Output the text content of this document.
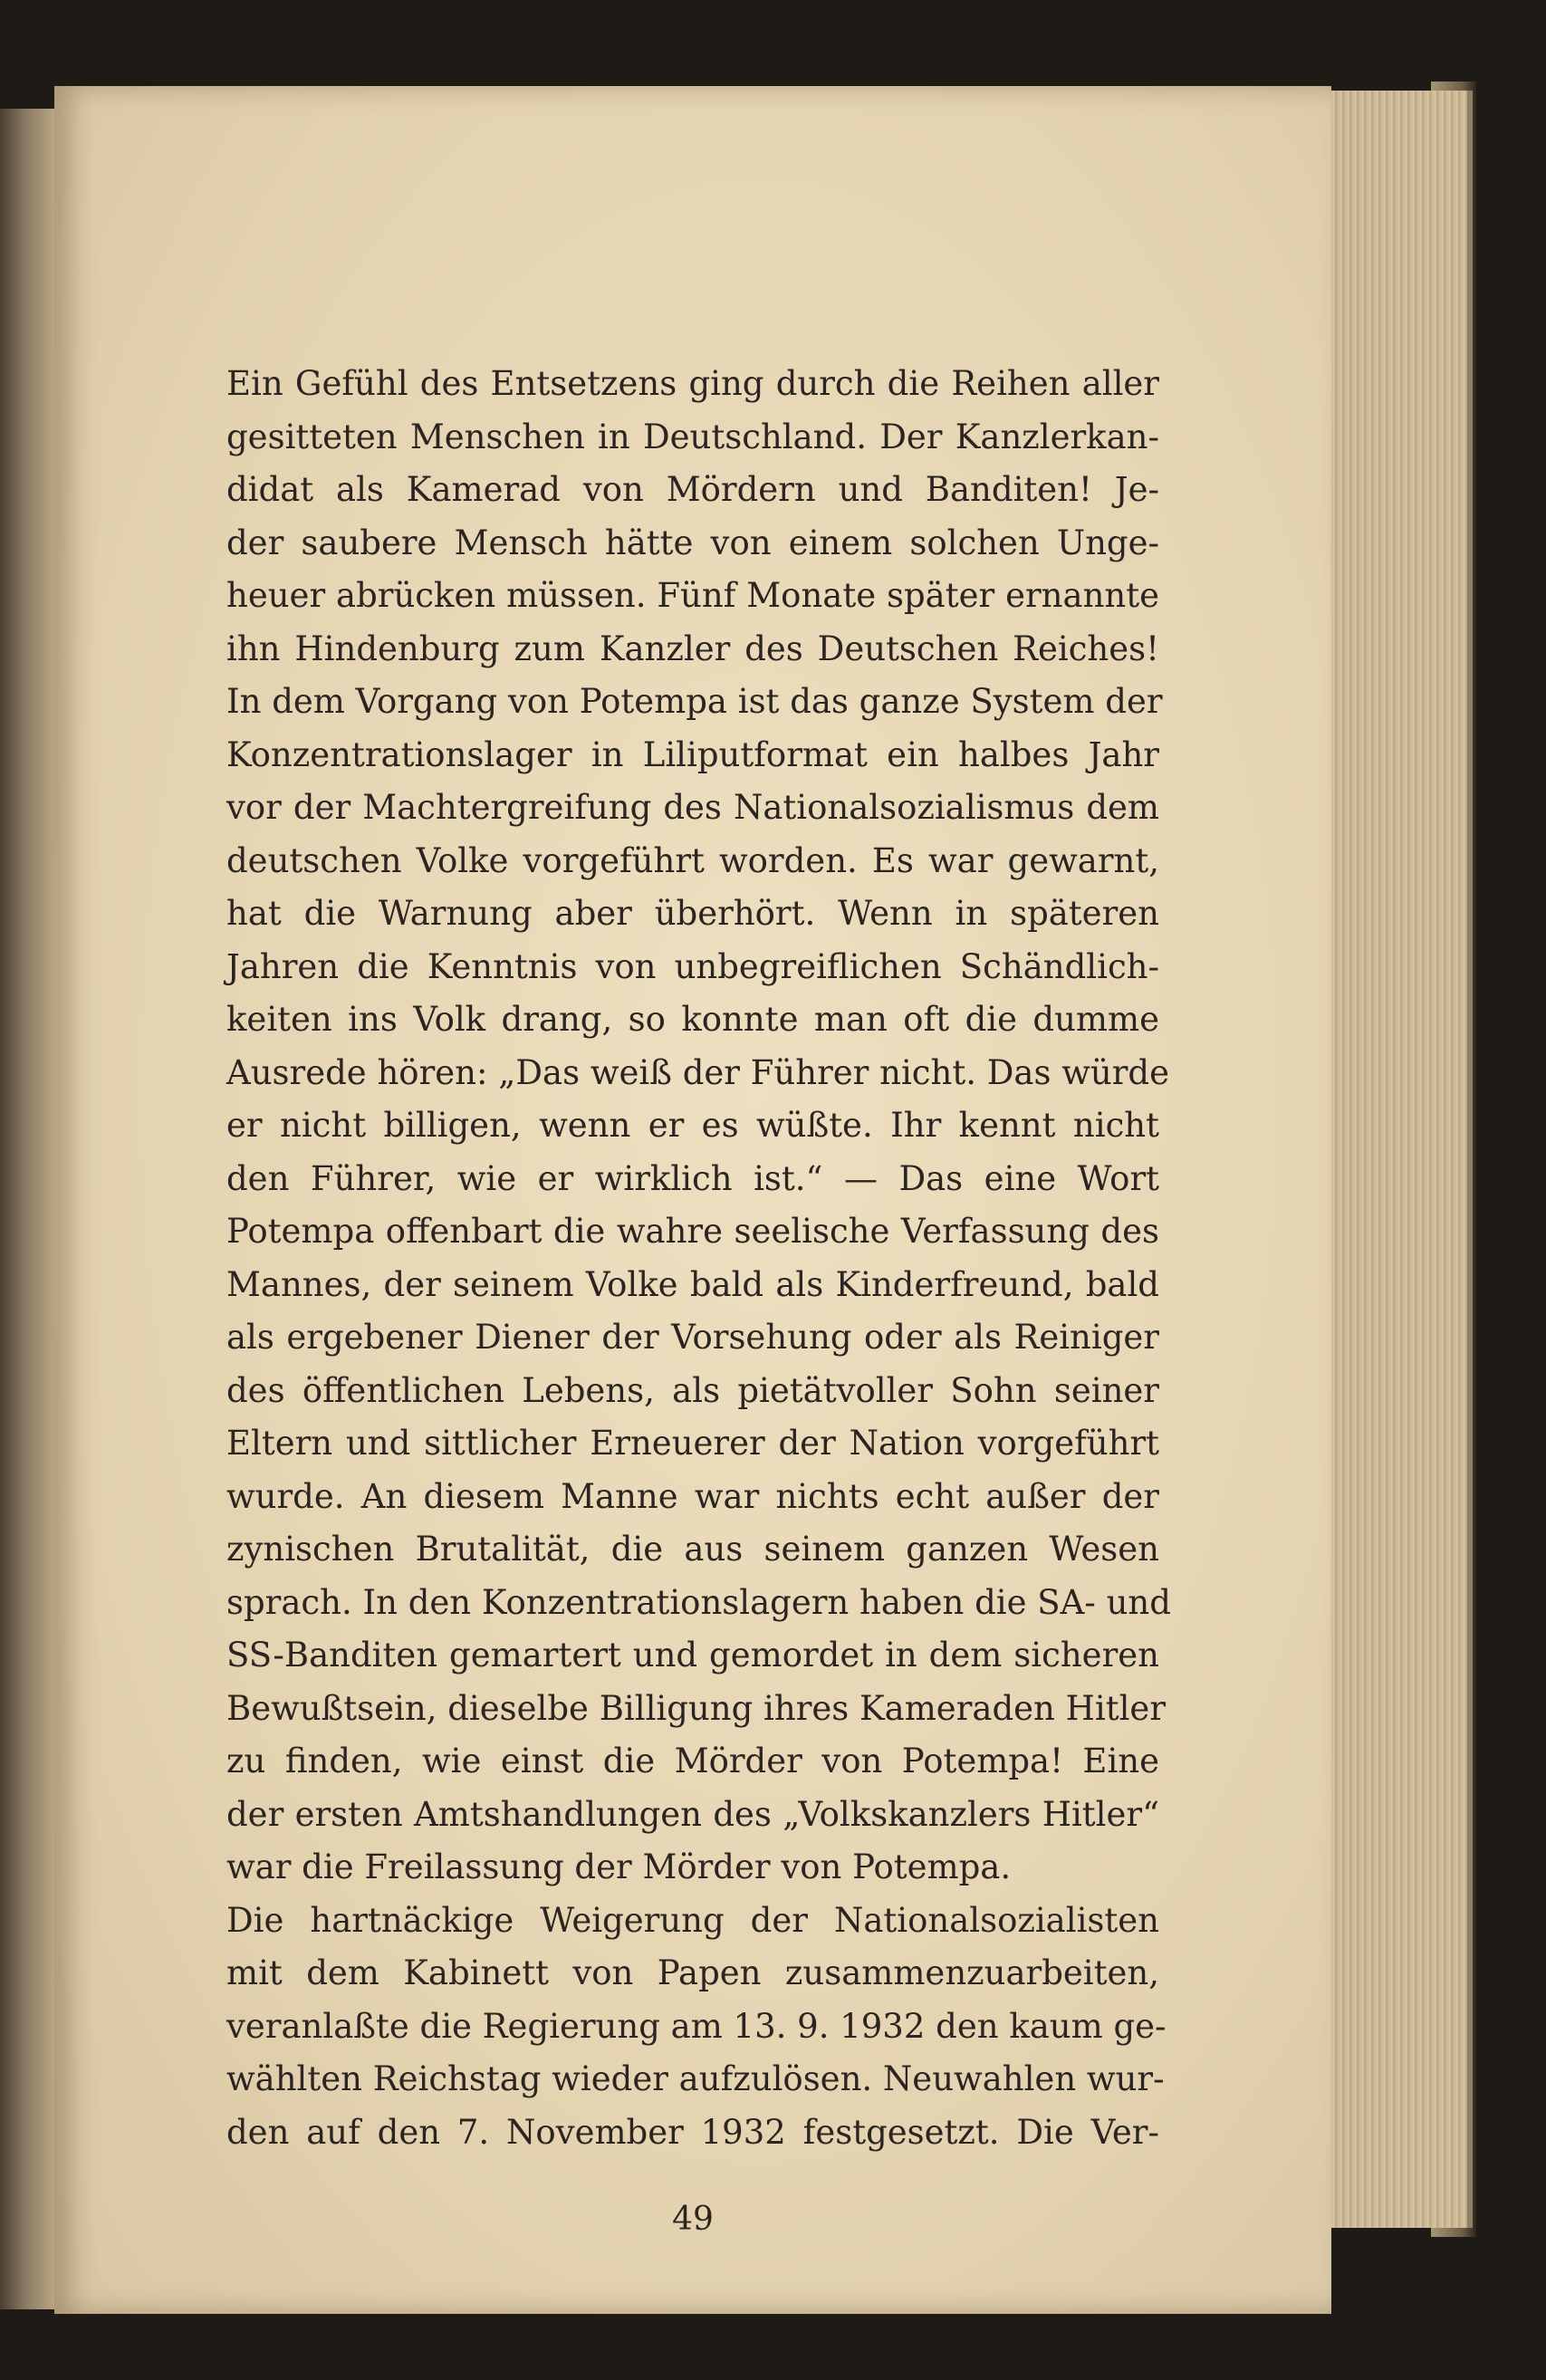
Ein Gefühl des Entsetzens ging durch die Reihen aller
gesitteten Menschen in Deutschland. Der Kanzlerkan-
didat als Kamerad von Mördern und Banditen! Je-
der saubere Mensch hätte von einem solchen Unge-
heuer abrücken müssen. Fünf Monate später ernannte
ihn Hindenburg zum Kanzler des Deutschen Reiches!
In dem Vorgang von Potempa ist das ganze System der
Konzentrationslager in Liliputformat ein halbes Jahr
vor der Machtergreifung des Nationalsozialismus dem
deutschen Volke vorgeführt worden. Es war gewarnt,
hat die Warnung aber überhört. Wenn in späteren
Jahren die Kenntnis von unbegreiflichen Schändlich-
keiten ins Volk drang, so konnte man oft die dumme
Ausrede hören: „Das weiß der Führer nicht. Das würde
er nicht billigen, wenn er es wüßte. Ihr kennt nicht
den Führer, wie er wirklich ist.“ — Das eine Wort
Potempa offenbart die wahre seelische Verfassung des
Mannes, der seinem Volke bald als Kinderfreund, bald
als ergebener Diener der Vorsehung oder als Reiniger
des öffentlichen Lebens, als pietätvoller Sohn seiner
Eltern und sittlicher Erneuerer der Nation vorgeführt
wurde. An diesem Manne war nichts echt außer der
zynischen Brutalität, die aus seinem ganzen Wesen
sprach. In den Konzentrationslagern haben die SA- und
SS-Banditen gemartert und gemordet in dem sicheren
Bewußtsein, dieselbe Billigung ihres Kameraden Hitler
zu finden, wie einst die Mörder von Potempa! Eine
der ersten Amtshandlungen des „Volkskanzlers Hitler“
war die Freilassung der Mörder von Potempa.
Die hartnäckige Weigerung der Nationalsozialisten
mit dem Kabinett von Papen zusammenzuarbeiten,
veranlaßte die Regierung am 13. 9. 1932 den kaum ge-
wählten Reichstag wieder aufzulösen. Neuwahlen wur-
den auf den 7. November 1932 festgesetzt. Die Ver-
49
